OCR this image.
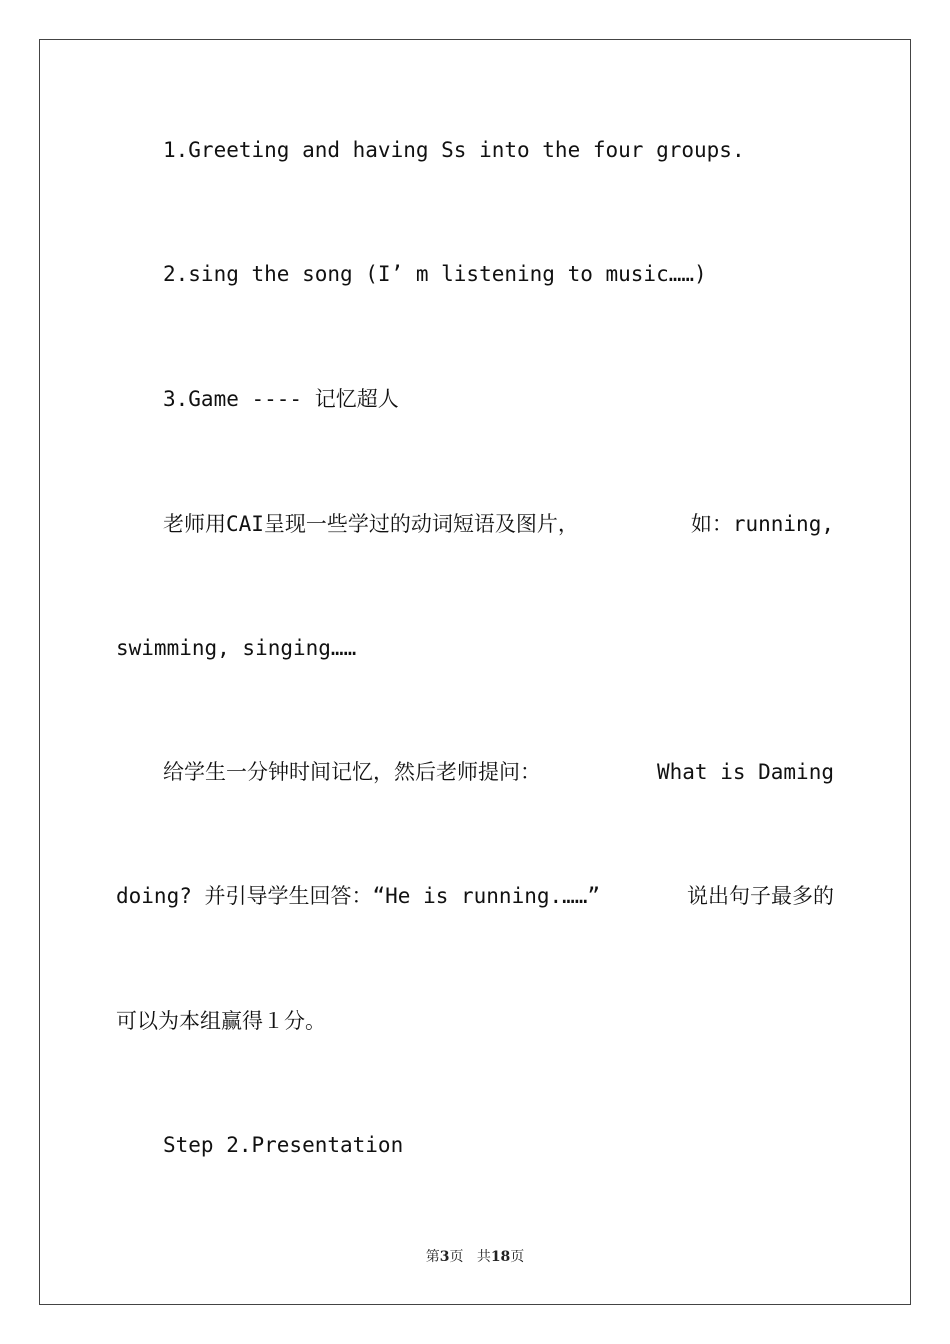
1.Greeting and having Ss into the four groups.
2.sing the song (I’ m listening to music……)
3.Game ---- 记忆超人
老师用CAI呈现一些学过的动词短语及图片，	如：running,
swimming, singing……
给学生一分钟时间记忆，然后老师提问：	What is Daming
doing? 并引导学生回答：“He is running.……”	说出句子最多的
可以为本组赢得１分。
Step 2.Presentation
第3页 共18页
